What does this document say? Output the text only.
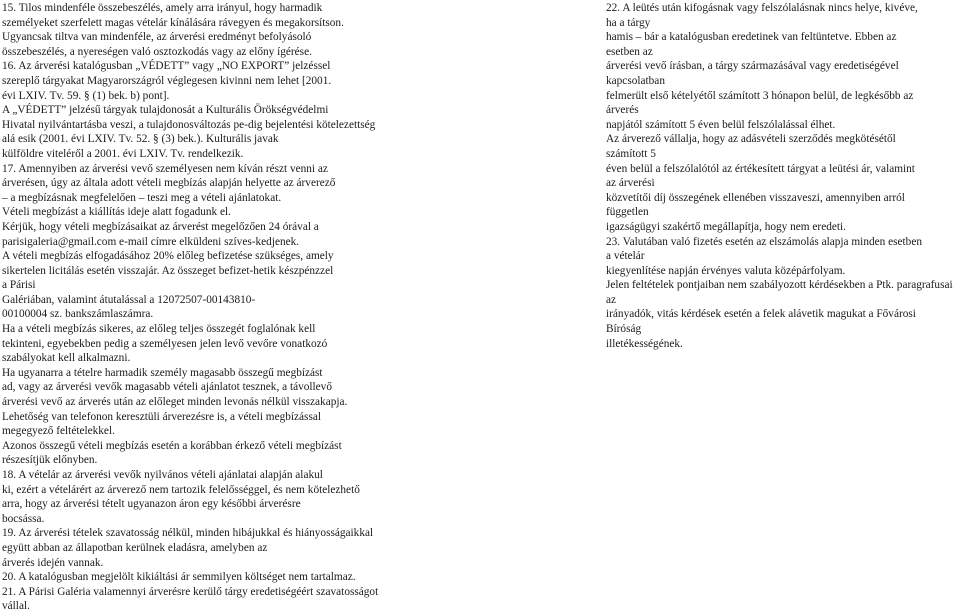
15. Tilos mindenféle összebeszélés, amely arra irányul, hogy harmadik
személyeket szerfelett magas vételár kínálására rávegyen és megakorsítson.
Ugyancsak tiltva van mindenféle, az árverési eredményt befolyásoló
összebeszélés, a nyereségen való osztozkodás vagy az előny ígérése.
16. Az árverési katalógusban „VÉDETT” vagy „NO EXPORT” jelzéssel
szereplő tárgyakat Magyarországról véglegesen kivinni nem lehet [2001.
évi LXIV. Tv. 59. § (1) bek. b) pont].
A „VÉDETT” jelzésű tárgyak tulajdonosát a Kulturális Örökségvédelmi
Hivatal nyilvántartásba veszi, a tulajdonosváltozás pe-dig bejelentési kötelezettség
alá esik (2001. évi LXIV. Tv. 52. § (3) bek.). Kulturális javak
külföldre viteléről a 2001. évi LXIV. Tv. rendelkezik.
17. Amennyiben az árverési vevő személyesen nem kíván részt venni az
árverésen, úgy az általa adott vételi megbízás alapján helyette az árverező
– a megbízásnak megfelelően – teszi meg a vételi ajánlatokat.
Vételi megbízást a kiállítás ideje alatt fogadunk el.
Kérjük, hogy vételi megbízásaikat az árverést megelőzően 24 órával a
parisigaleria@gmail.com e-mail címre elküldeni szíves-kedjenek.
A vételi megbízás elfogadásához 20% előleg befizetése szükséges, amely
sikertelen licitálás esetén visszajár. Az összeget befizet-hetik készpénzzel
a Párisi
Galériában, valamint átutalással a 12072507-00143810-
00100004 sz. bankszámlaszámra.
Ha a vételi megbízás sikeres, az előleg teljes összegét foglalónak kell
tekinteni, egyebekben pedig a személyesen jelen levő vevőre vonatkozó
szabályokat kell alkalmazni.
Ha ugyanarra a tételre harmadik személy magasabb összegű megbízást
ad, vagy az árverési vevők magasabb vételi ajánlatot tesznek, a távollevő
árverési vevő az árverés után az előleget minden levonás nélkül visszakapja.
Lehetőség van telefonon keresztüli árverezésre is, a vételi megbízással
megegyező feltételekkel.
Azonos összegű vételi megbízás esetén a korábban érkező vételi megbízást
részesítjük előnyben.
18. A vételár az árverési vevők nyilvános vételi ajánlatai alapján alakul
ki, ezért a vételárért az árverező nem tartozik felelősséggel, és nem kötelezhető
arra, hogy az árverési tételt ugyanazon áron egy későbbi árverésre
bocsássa.
19. Az árverési tételek szavatosság nélkül, minden hibájukkal és hiányosságaikkal
együtt abban az állapotban kerülnek eladásra, amelyben az
árverés idején vannak.
20. A katalógusban megjelölt kikiáltási ár semmilyen költséget nem tartalmaz.
21. A Párisi Galéria valamennyi árverésre kerülő tárgy eredetiségéért szavatosságot
vállal.
22. A leütés után kifogásnak vagy felszólalásnak nincs helye, kivéve,
ha a tárgy
hamis – bár a katalógusban eredetinek van feltüntetve. Ebben az
esetben az
árverési vevő írásban, a tárgy származásával vagy eredetiségével
kapcsolatban
felmerült első kételyétől számított 3 hónapon belül, de legkésőbb az
árverés
napjától számított 5 éven belül felszólalással élhet.
Az árverező vállalja, hogy az adásvételi szerződés megkötésétől
számított 5
éven belül a felszólalótól az értékesített tárgyat a leütési ár, valamint
az árverési
közvetítői díj összegének ellenében visszaveszi, amennyiben arról
független
igazságügyi szakértő megállapítja, hogy nem eredeti.
23. Valutában való fizetés esetén az elszámolás alapja minden esetben
a vételár
kiegyenlítése napján érvényes valuta középárfolyam.
Jelen feltételek pontjaiban nem szabályozott kérdésekben a Ptk. paragrafusai
az
irányadók, vitás kérdések esetén a felek alávetik magukat a Fővárosi
Bíróság
illetékességének.
